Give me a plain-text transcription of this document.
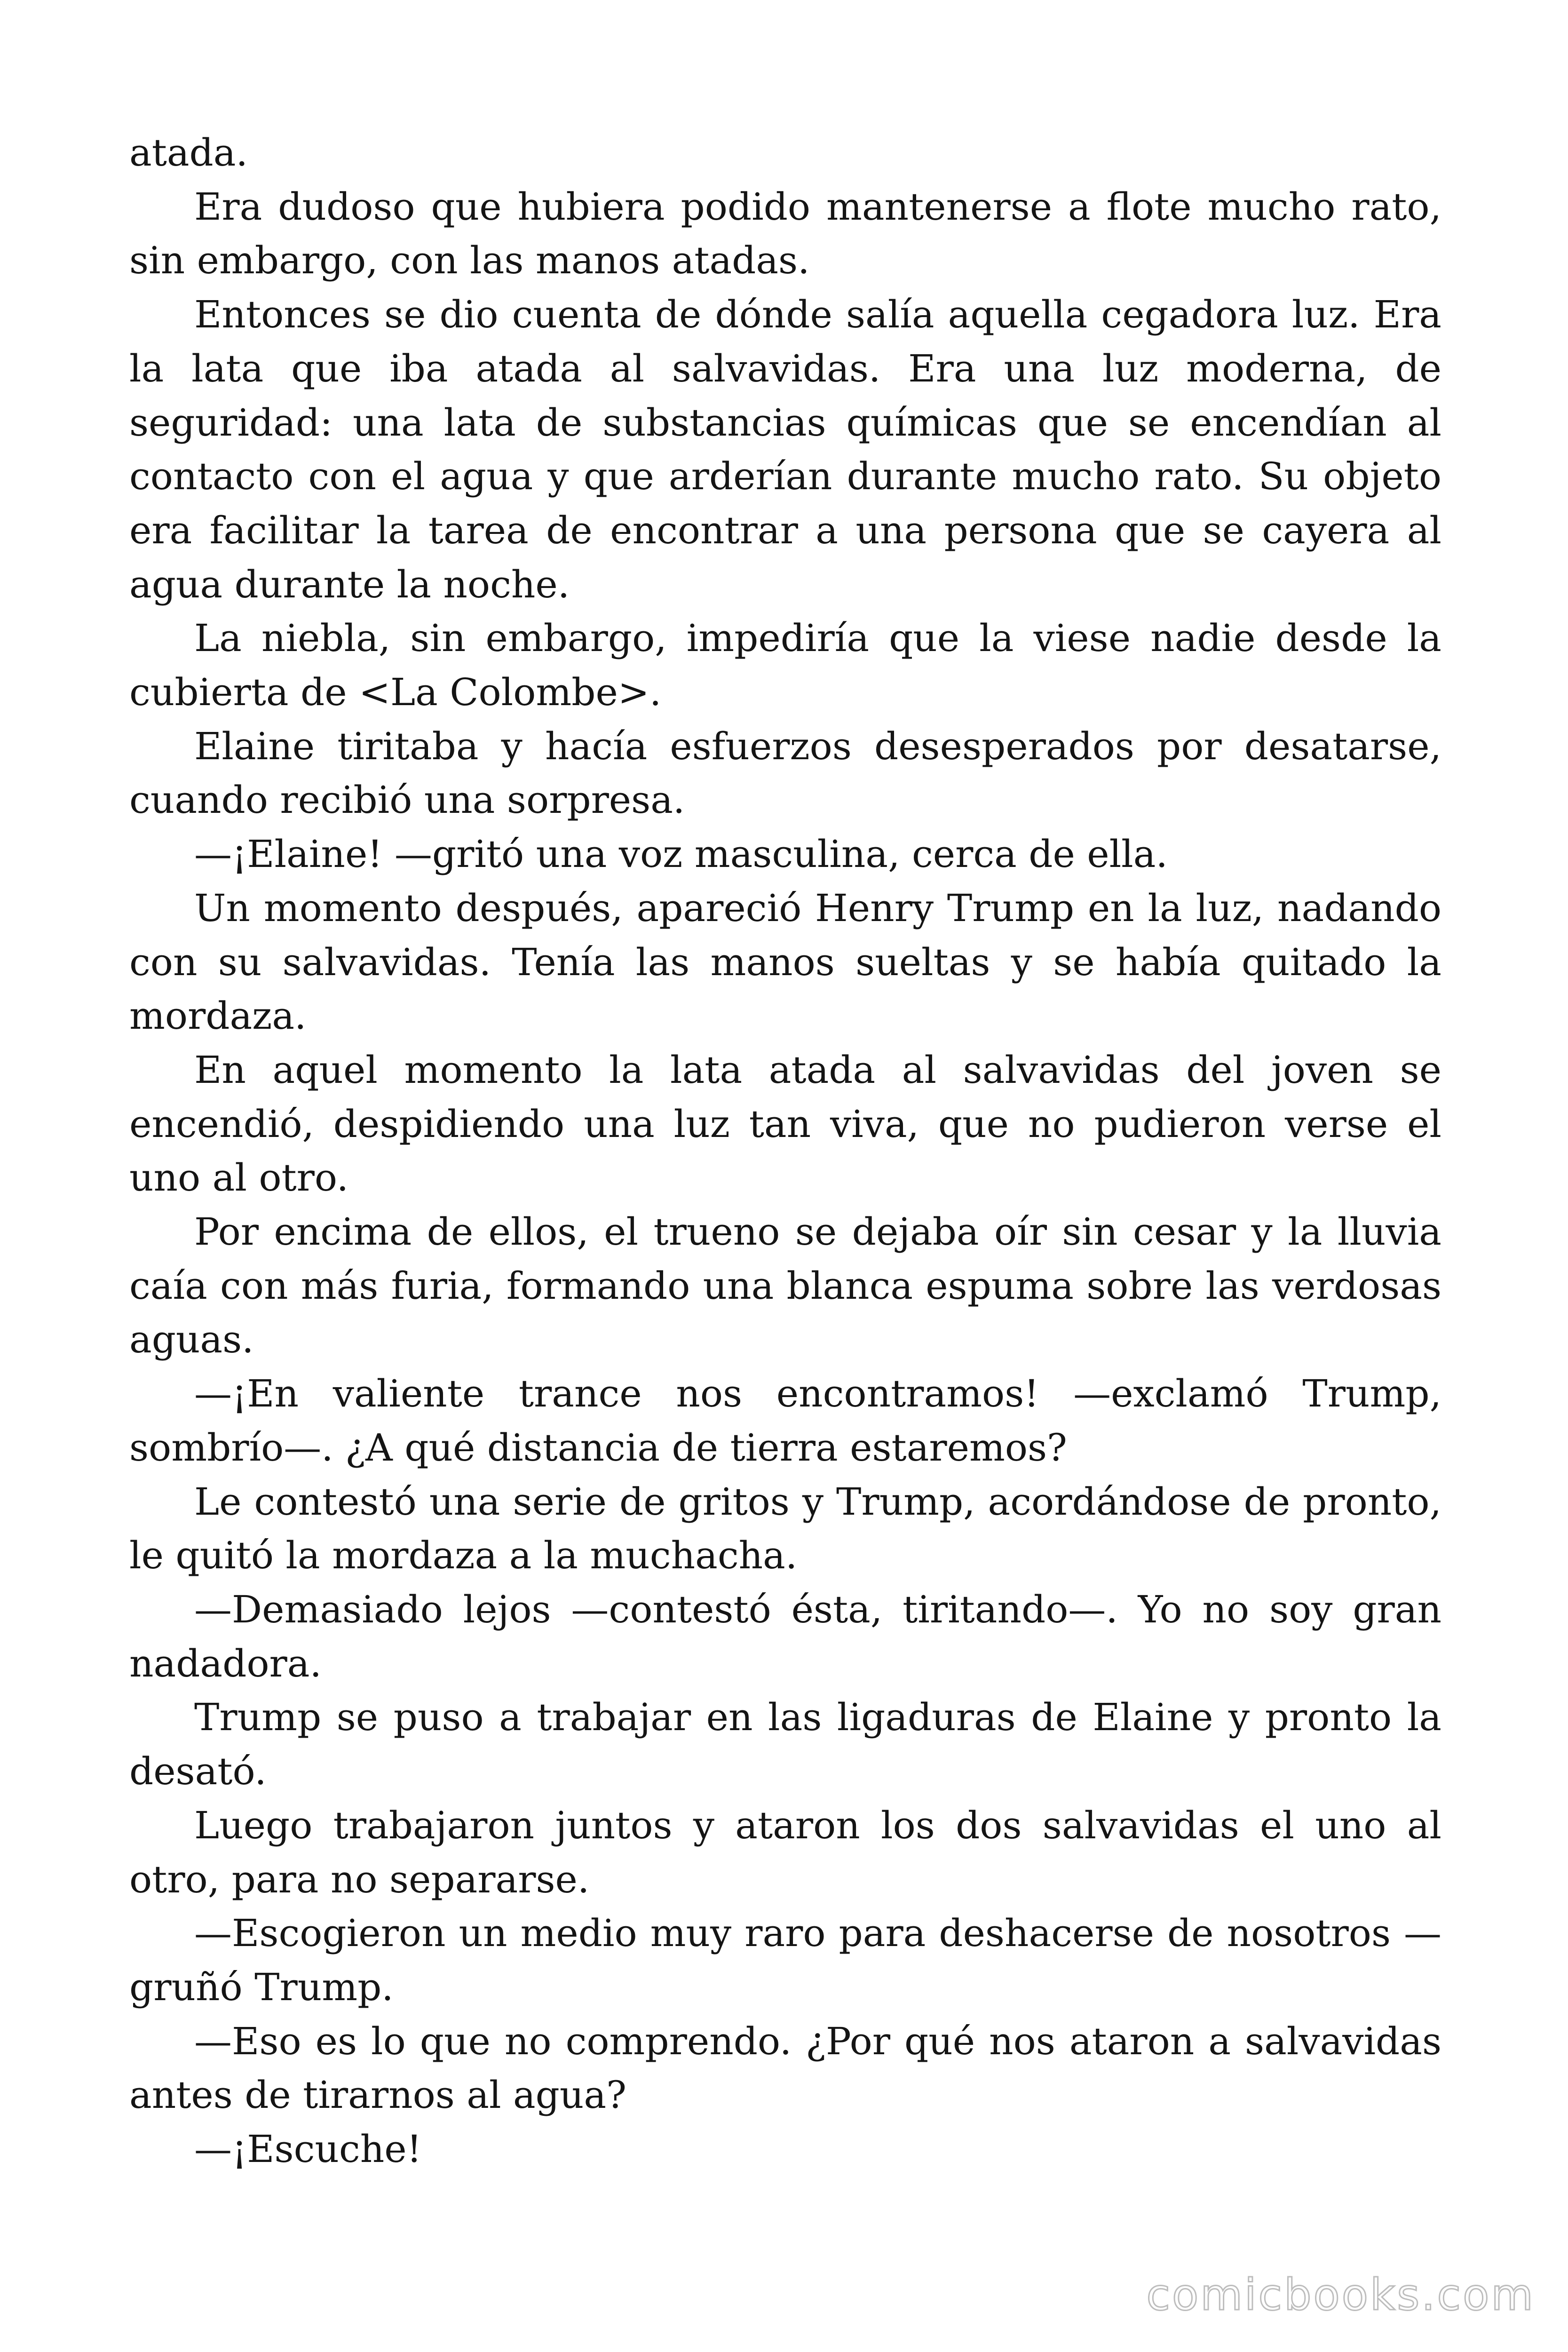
atada.

Era dudoso que hubiera podido mantenerse a flote mucho rato, sin embargo, con las manos atadas.

Entonces se dio cuenta de dónde salía aquella cegadora luz. Era la lata que iba atada al salvavidas. Era una luz moderna, de seguridad: una lata de substancias químicas que se encendían al contacto con el agua y que arderían durante mucho rato. Su objeto era facilitar la tarea de encontrar a una persona que se cayera al agua durante la noche.

La niebla, sin embargo, impediría que la viese nadie desde la cubierta de <La Colombe>.

Elaine tiritaba y hacía esfuerzos desesperados por desatarse, cuando recibió una sorpresa.

—¡Elaine! —gritó una voz masculina, cerca de ella.

Un momento después, apareció Henry Trump en la luz, nadando con su salvavidas. Tenía las manos sueltas y se había quitado la mordaza.

En aquel momento la lata atada al salvavidas del joven se encendió, despidiendo una luz tan viva, que no pudieron verse el uno al otro.

Por encima de ellos, el trueno se dejaba oír sin cesar y la lluvia caía con más furia, formando una blanca espuma sobre las verdosas aguas.

—¡En valiente trance nos encontramos! —exclamó Trump, sombrío—. ¿A qué distancia de tierra estaremos?

Le contestó una serie de gritos y Trump, acordándose de pronto, le quitó la mordaza a la muchacha.

—Demasiado lejos —contestó ésta, tiritando—. Yo no soy gran nadadora.

Trump se puso a trabajar en las ligaduras de Elaine y pronto la desató.

Luego trabajaron juntos y ataron los dos salvavidas el uno al otro, para no separarse.

—Escogieron un medio muy raro para deshacerse de nosotros — gruñó Trump.

—Eso es lo que no comprendo. ¿Por qué nos ataron a salvavidas antes de tirarnos al agua?

—¡Escuche!

comicbooks.com
